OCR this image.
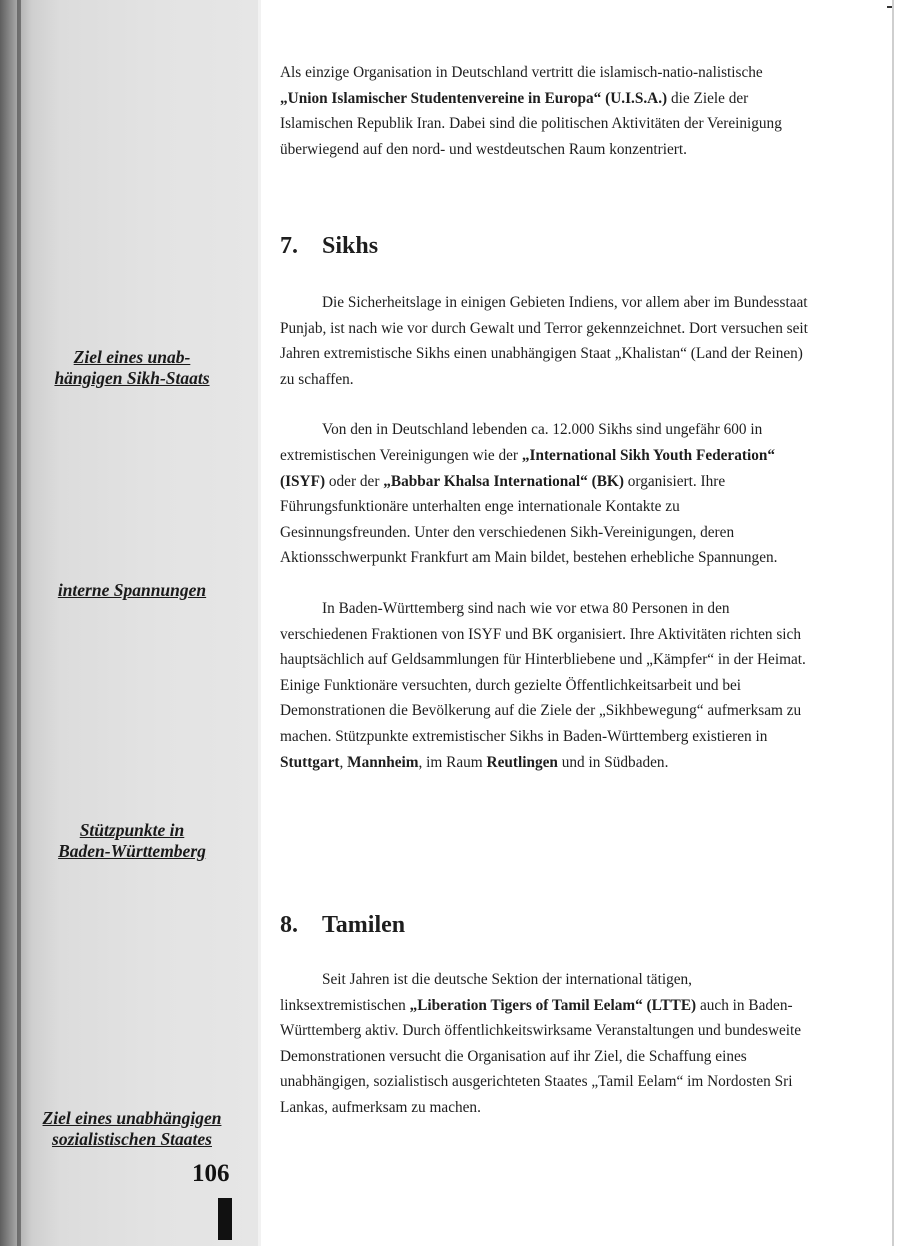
Ziel eines unab-
hängigen Sikh-Staats
interne Spannungen
Stützpunkte in
Baden-Württemberg
Ziel eines unabhängigen
sozialistischen Staates
106

Als einzige Organisation in Deutschland vertritt die islamisch-natio-nalistische „Union Islamischer Studentenvereine in Europa“ (U.I.S.A.) die Ziele der Islamischen Republik Iran. Dabei sind die politischen Aktivitäten der Vereinigung überwiegend auf den nord- und westdeutschen Raum konzentriert.

7. Sikhs

Die Sicherheitslage in einigen Gebieten Indiens, vor allem aber im Bundesstaat Punjab, ist nach wie vor durch Gewalt und Terror gekennzeichnet. Dort versuchen seit Jahren extremistische Sikhs einen unabhängigen Staat „Khalistan“ (Land der Reinen) zu schaffen.

Von den in Deutschland lebenden ca. 12.000 Sikhs sind ungefähr 600 in extremistischen Vereinigungen wie der „International Sikh Youth Federation“ (ISYF) oder der „Babbar Khalsa International“ (BK) organisiert. Ihre Führungsfunktionäre unterhalten enge internationale Kontakte zu Gesinnungsfreunden. Unter den verschiedenen Sikh-Vereinigungen, deren Aktionsschwerpunkt Frankfurt am Main bildet, bestehen erhebliche Spannungen.

In Baden-Württemberg sind nach wie vor etwa 80 Personen in den verschiedenen Fraktionen von ISYF und BK organisiert. Ihre Aktivitäten richten sich hauptsächlich auf Geldsammlungen für Hinterbliebene und „Kämpfer“ in der Heimat. Einige Funktionäre versuchten, durch gezielte Öffentlichkeitsarbeit und bei Demonstrationen die Bevölkerung auf die Ziele der „Sikhbewegung“ aufmerksam zu machen. Stützpunkte extremistischer Sikhs in Baden-Württemberg existieren in Stuttgart, Mannheim, im Raum Reutlingen und in Südbaden.

8. Tamilen

Seit Jahren ist die deutsche Sektion der international tätigen, linksextremistischen „Liberation Tigers of Tamil Eelam“ (LTTE) auch in Baden-Württemberg aktiv. Durch öffentlichkeitswirksame Veranstaltungen und bundesweite Demonstrationen versucht die Organisation auf ihr Ziel, die Schaffung eines unabhängigen, sozialistisch ausgerichteten Staates „Tamil Eelam“ im Nordosten Sri Lankas, aufmerksam zu machen.
